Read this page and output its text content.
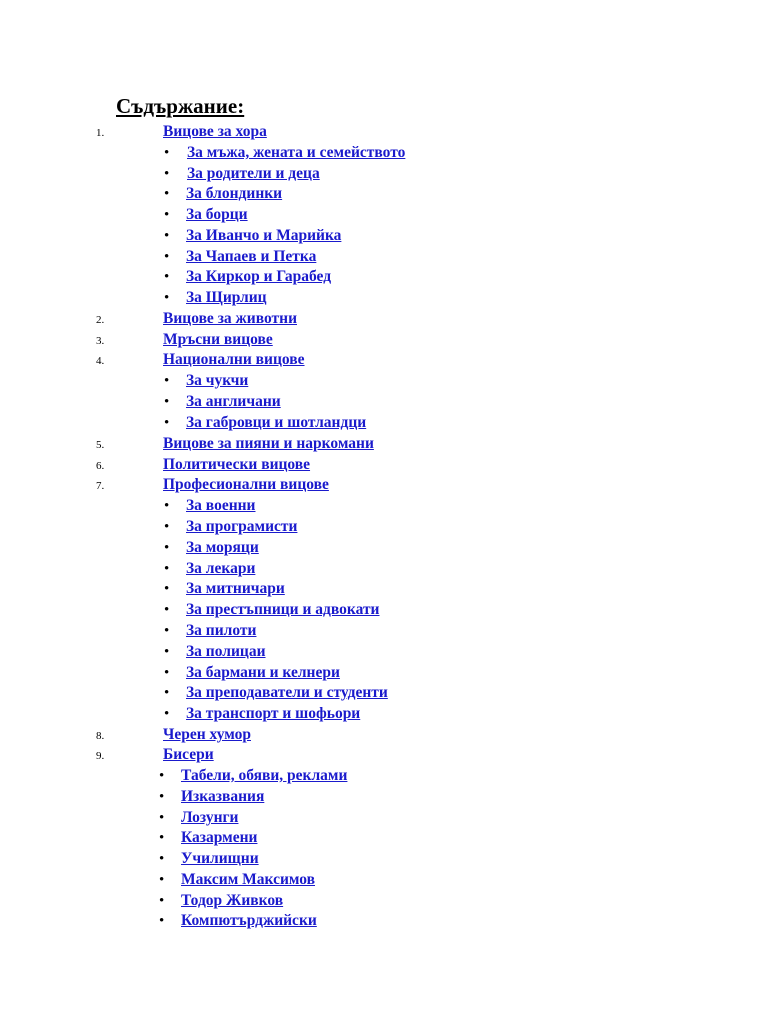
Съдържание:
1.	Вицове за хора
• За мъжа, жената и семейството
• За родители и деца
• За блондинки
• За борци
• За Иванчо и Марийка
• За Чапаев и Петка
• За Киркор и Гарабед
• За Щирлиц
2.	Вицове за животни
3.	Мръсни вицове
4.	Национални вицове
• За чукчи
• За англичани
• За габровци и шотландци
5.	Вицове за пияни и наркомани
6.	Политически вицове
7.	Професионални вицове
• За военни
• За програмисти
• За моряци
• За лекари
• За митничари
• За престъпници и адвокати
• За пилоти
• За полицаи
• За бармани и келнери
• За преподаватели и студенти
• За транспорт и шофьори
8.	Черен хумор
9.	Бисери
• Табели, обяви, реклами
• Изказвания
• Лозунги
• Казармени
• Училищни
• Максим Максимов
• Тодор Живков
• Компютърджийски
